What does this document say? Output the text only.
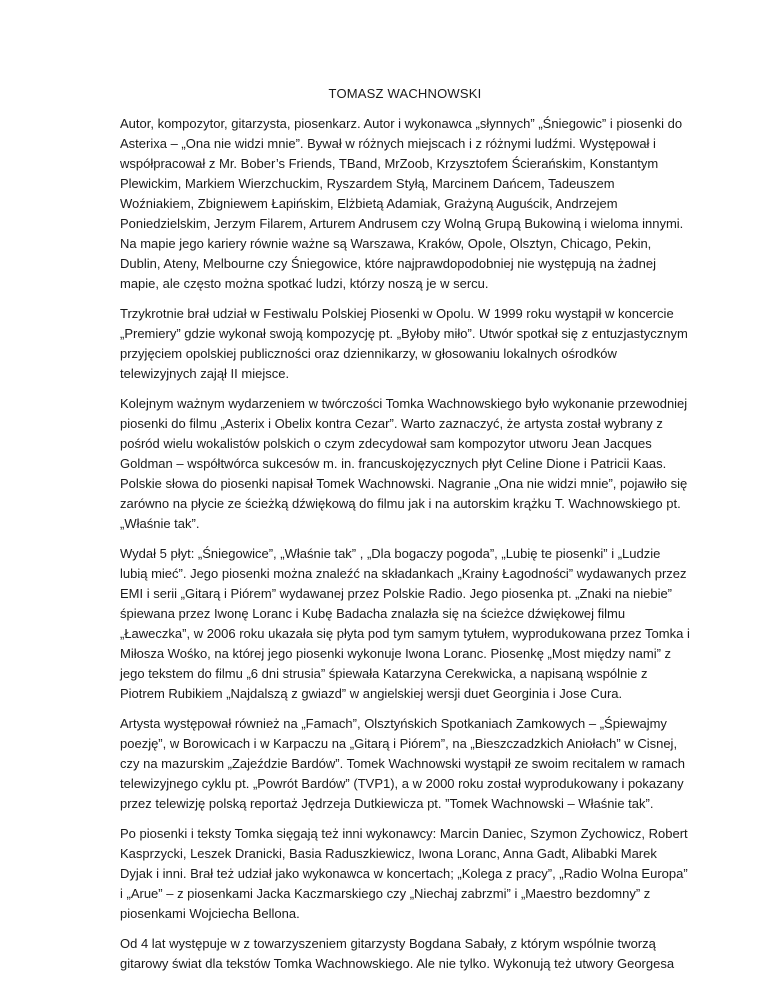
TOMASZ WACHNOWSKI

Autor, kompozytor, gitarzysta, piosenkarz. Autor i wykonawca „słynnych” „Śniegowic” i piosenki do Asterixa – „Ona nie widzi mnie”. Bywał w różnych miejscach i z różnymi ludźmi. Występował i współpracował z Mr. Bober’s Friends, TBand, MrZoob, Krzysztofem Ścierańskim, Konstantym Plewickim, Markiem Wierzchuckim, Ryszardem Styłą, Marcinem Dańcem, Tadeuszem Woźniakiem, Zbigniewem Łapińskim, Elżbietą Adamiak, Grażyną Auguścik, Andrzejem Poniedzielskim, Jerzym Filarem, Arturem Andrusem czy Wolną Grupą Bukowiną i wieloma innymi. Na mapie jego kariery równie ważne są Warszawa, Kraków, Opole, Olsztyn, Chicago, Pekin, Dublin, Ateny, Melbourne czy Śniegowice, które najprawdopodobniej nie występują na żadnej mapie, ale często można spotkać ludzi, którzy noszą je w sercu.

Trzykrotnie brał udział w Festiwalu Polskiej Piosenki w Opolu. W 1999 roku wystąpił w koncercie „Premiery” gdzie wykonał swoją kompozycję pt. „Byłoby miło”. Utwór spotkał się z entuzjastycznym przyjęciem opolskiej publiczności oraz dziennikarzy, w głosowaniu lokalnych ośrodków telewizyjnych zajął II miejsce.

Kolejnym ważnym wydarzeniem w twórczości Tomka Wachnowskiego było wykonanie przewodniej piosenki do filmu „Asterix i Obelix kontra Cezar”. Warto zaznaczyć, że artysta został wybrany z pośród wielu wokalistów polskich o czym zdecydował sam kompozytor utworu Jean Jacques Goldman – współtwórca sukcesów m. in. francuskojęzycznych płyt Celine Dione i Patricii Kaas. Polskie słowa do piosenki napisał Tomek Wachnowski. Nagranie „Ona nie widzi mnie”, pojawiło się zarówno na płycie ze ścieżką dźwiękową do filmu jak i na autorskim krążku T. Wachnowskiego pt. „Właśnie tak”.

Wydał 5 płyt: „Śniegowice”, „Właśnie tak” , „Dla bogaczy pogoda”, „Lubię te piosenki” i „Ludzie lubią mieć”. Jego piosenki można znaleźć na składankach „Krainy Łagodności” wydawanych przez EMI i serii „Gitarą i Piórem” wydawanej przez Polskie Radio. Jego piosenka pt. „Znaki na niebie” śpiewana przez Iwonę Loranc i Kubę Badacha znalazła się na ścieżce dźwiękowej filmu „Ławeczka”, w 2006 roku ukazała się płyta pod tym samym tytułem, wyprodukowana przez Tomka i Miłosza Wośko, na której jego piosenki wykonuje Iwona Loranc. Piosenkę „Most między nami” z jego tekstem do filmu „6 dni strusia” śpiewała Katarzyna Cerekwicka, a napisaną wspólnie z Piotrem Rubikiem „Najdalszą z gwiazd” w angielskiej wersji duet Georginia i Jose Cura.

Artysta występował również na „Famach”, Olsztyńskich Spotkaniach Zamkowych – „Śpiewajmy poezję”, w Borowicach i w Karpaczu na „Gitarą i Piórem”, na „Bieszczadzkich Aniołach” w Cisnej, czy na mazurskim „Zajeździe Bardów”. Tomek Wachnowski wystąpił ze swoim recitalem w ramach telewizyjnego cyklu pt. „Powrót Bardów” (TVP1), a w 2000 roku został wyprodukowany i pokazany przez telewizję polską reportaż Jędrzeja Dutkiewicza pt. ”Tomek Wachnowski – Właśnie tak”.

Po piosenki i teksty Tomka sięgają też inni wykonawcy: Marcin Daniec, Szymon Zychowicz, Robert Kasprzycki, Leszek Dranicki, Basia Raduszkiewicz, Iwona Loranc, Anna Gadt, Alibabki Marek Dyjak i inni. Brał też udział jako wykonawca w koncertach; „Kolega z pracy”, „Radio Wolna Europa” i „Arue” – z piosenkami Jacka Kaczmarskiego czy „Niechaj zabrzmi” i „Maestro bezdomny” z piosenkami Wojciecha Bellona.

Od 4 lat występuje w z towarzyszeniem gitarzysty Bogdana Sabały, z którym wspólnie tworzą gitarowy świat dla tekstów Tomka Wachnowskiego. Ale nie tylko. Wykonują też utwory Georgesa
